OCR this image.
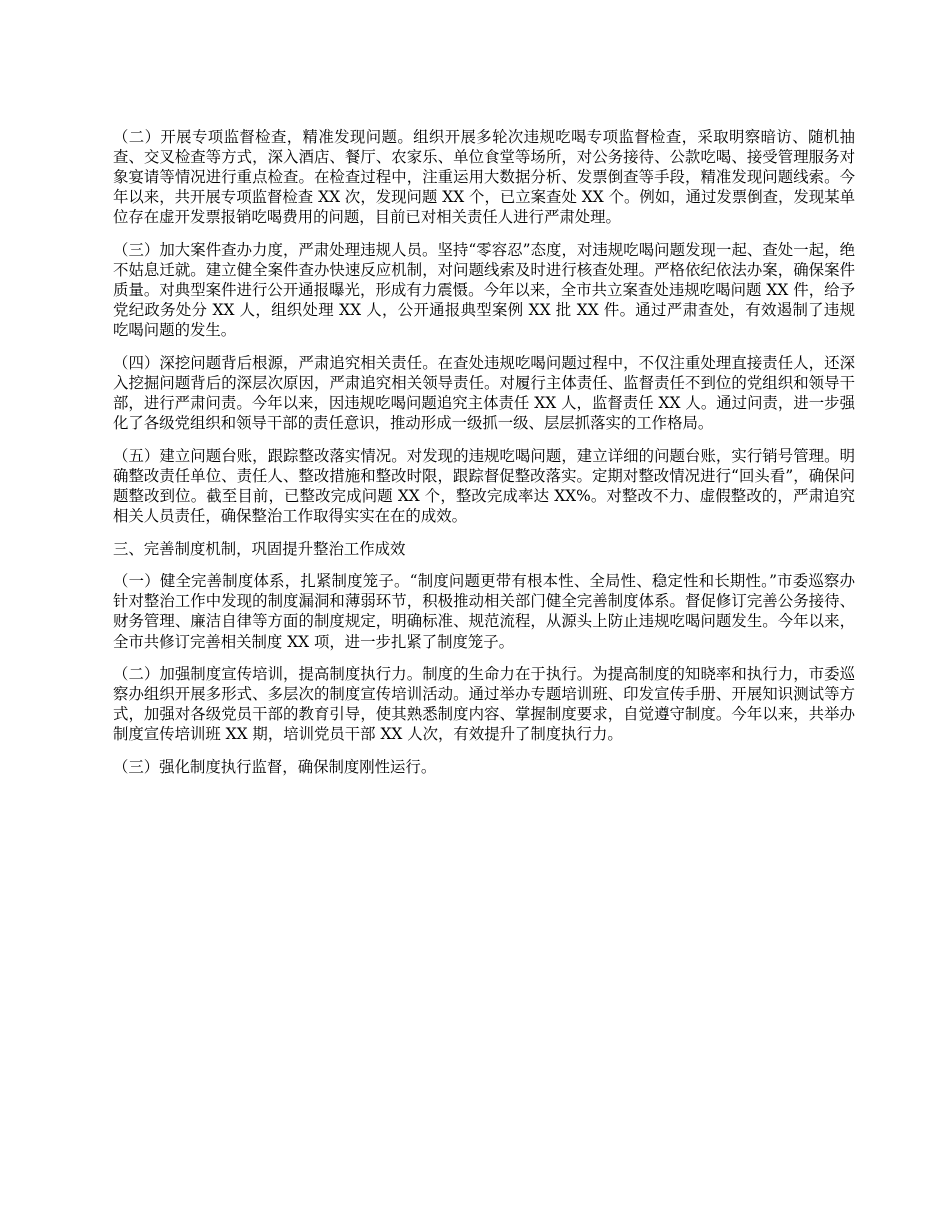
（二）开展专项监督检查，精准发现问题。组织开展多轮次违规吃喝专项监督检查，采取明察暗访、随机抽查、交叉检查等方式，深入酒店、餐厅、农家乐、单位食堂等场所，对公务接待、公款吃喝、接受管理服务对象宴请等情况进行重点检查。在检查过程中，注重运用大数据分析、发票倒查等手段，精准发现问题线索。今年以来，共开展专项监督检查 XX 次，发现问题 XX 个，已立案查处 XX 个。例如，通过发票倒查，发现某单位存在虚开发票报销吃喝费用的问题，目前已对相关责任人进行严肃处理。

（三）加大案件查办力度，严肃处理违规人员。坚持“零容忍”态度，对违规吃喝问题发现一起、查处一起，绝不姑息迁就。建立健全案件查办快速反应机制，对问题线索及时进行核查处理。严格依纪依法办案，确保案件质量。对典型案件进行公开通报曝光，形成有力震慑。今年以来，全市共立案查处违规吃喝问题 XX 件，给予党纪政务处分 XX 人，组织处理 XX 人，公开通报典型案例 XX 批 XX 件。通过严肃查处，有效遏制了违规吃喝问题的发生。

（四）深挖问题背后根源，严肃追究相关责任。在查处违规吃喝问题过程中，不仅注重处理直接责任人，还深入挖掘问题背后的深层次原因，严肃追究相关领导责任。对履行主体责任、监督责任不到位的党组织和领导干部，进行严肃问责。今年以来，因违规吃喝问题追究主体责任 XX 人，监督责任 XX 人。通过问责，进一步强化了各级党组织和领导干部的责任意识，推动形成一级抓一级、层层抓落实的工作格局。

（五）建立问题台账，跟踪整改落实情况。对发现的违规吃喝问题，建立详细的问题台账，实行销号管理。明确整改责任单位、责任人、整改措施和整改时限，跟踪督促整改落实。定期对整改情况进行“回头看”，确保问题整改到位。截至目前，已整改完成问题 XX 个，整改完成率达 XX%。对整改不力、虚假整改的，严肃追究相关人员责任，确保整治工作取得实实在在的成效。

三、完善制度机制，巩固提升整治工作成效

（一）健全完善制度体系，扎紧制度笼子。“制度问题更带有根本性、全局性、稳定性和长期性。”市委巡察办针对整治工作中发现的制度漏洞和薄弱环节，积极推动相关部门健全完善制度体系。督促修订完善公务接待、财务管理、廉洁自律等方面的制度规定，明确标准、规范流程，从源头上防止违规吃喝问题发生。今年以来，全市共修订完善相关制度 XX 项，进一步扎紧了制度笼子。

（二）加强制度宣传培训，提高制度执行力。制度的生命力在于执行。为提高制度的知晓率和执行力，市委巡察办组织开展多形式、多层次的制度宣传培训活动。通过举办专题培训班、印发宣传手册、开展知识测试等方式，加强对各级党员干部的教育引导，使其熟悉制度内容、掌握制度要求，自觉遵守制度。今年以来，共举办制度宣传培训班 XX 期，培训党员干部 XX 人次，有效提升了制度执行力。

（三）强化制度执行监督，确保制度刚性运行。
